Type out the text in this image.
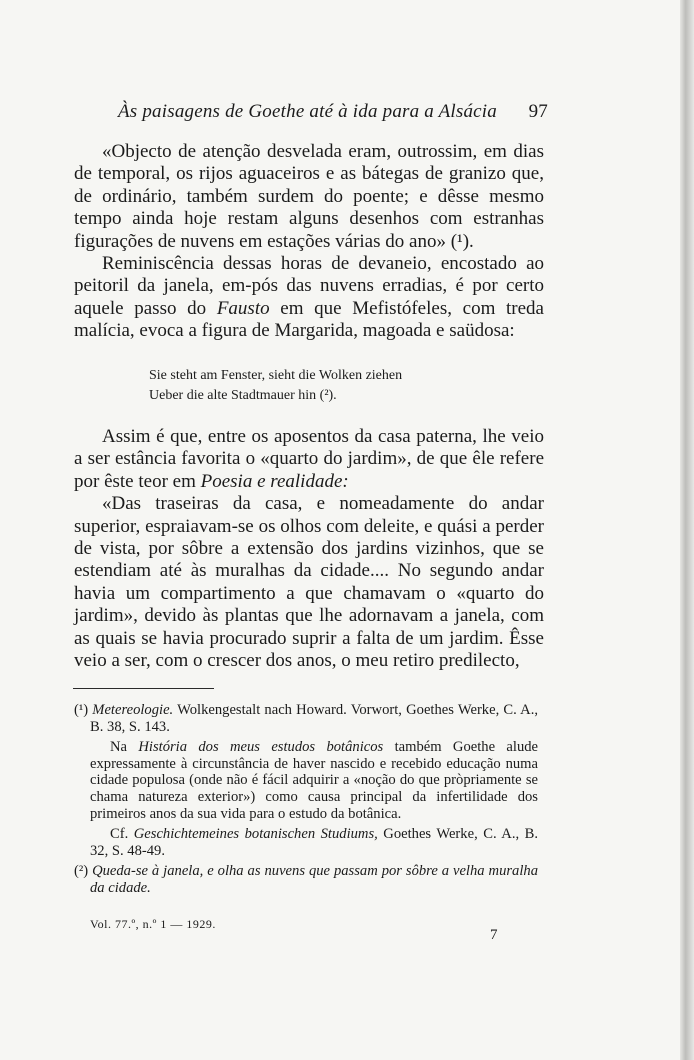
Às paisagens de Goethe até à ida para a Alsácia 97

«Objecto de atenção desvelada eram, outrossim, em dias de temporal, os rijos aguaceiros e as bátegas de granizo que, de ordinário, também surdem do poente; e dêsse mesmo tempo ainda hoje restam alguns desenhos com estranhas figurações de nuvens em estações várias do ano» (¹).

Reminiscência dessas horas de devaneio, encostado ao peitoril da janela, em-pós das nuvens erradias, é por certo aquele passo do Fausto em que Mefistófeles, com treda malícia, evoca a figura de Margarida, magoada e saüdosa:

Sie steht am Fenster, sieht die Wolken ziehen
Ueber die alte Stadtmauer hin (²).

Assim é que, entre os aposentos da casa paterna, lhe veio a ser estância favorita o «quarto do jardim», de que êle refere por êste teor em Poesia e realidade:

«Das traseiras da casa, e nomeadamente do andar superior, espraiavam-se os olhos com deleite, e quási a perder de vista, por sôbre a extensão dos jardins vizinhos, que se estendiam até às muralhas da cidade.... No segundo andar havia um compartimento a que chamavam o «quarto do jardim», devido às plantas que lhe adornavam a janela, com as quais se havia procurado suprir a falta de um jardim. Êsse veio a ser, com o crescer dos anos, o meu retiro predilecto,

(¹) Metereologie. Wolkengestalt nach Howard. Vorwort, Goethes Werke, C. A., B. 38, S. 143.

Na História dos meus estudos botânicos também Goethe alude expressamente à circunstância de haver nascido e recebido educação numa cidade populosa (onde não é fácil adquirir a «noção do que pròpriamente se chama natureza exterior») como causa principal da infertilidade dos primeiros anos da sua vida para o estudo da botânica.

Cf. Geschichtemeines botanischen Studiums, Goethes Werke, C. A., B. 32, S. 48-49.

(²) Queda-se à janela, e olha as nuvens que passam por sôbre a velha muralha da cidade.

Vol. 77.º, n.º 1 — 1929.
7
